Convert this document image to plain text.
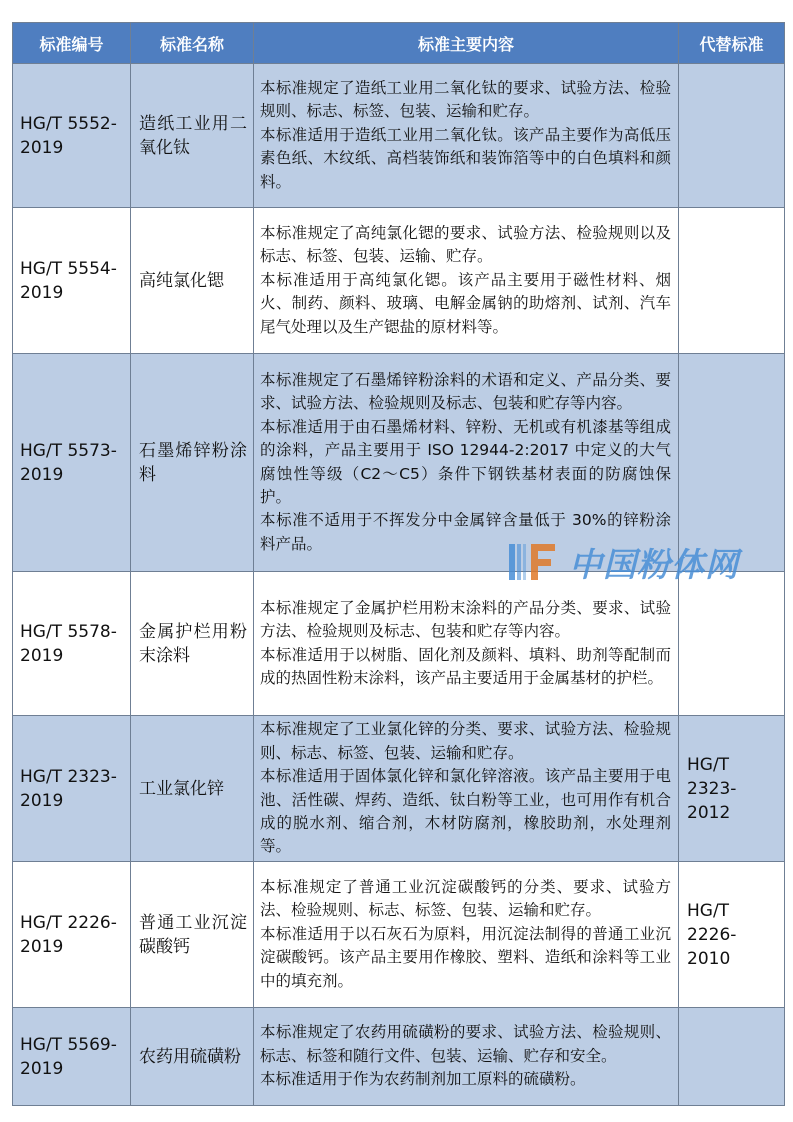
标准编号	标准名称	标准主要内容	代替标准
HG/T 5552-2019	造纸工业用二氧化钛	本标准规定了造纸工业用二氧化钛的要求、试验方法、检验规则、标志、标签、包装、运输和贮存。

本标准适用于造纸工业用二氧化钛。该产品主要作为高低压素色纸、木纹纸、高档装饰纸和装饰箔等中的白色填料和颜料。	

HG/T 5554-2019	高纯氯化锶	本标准规定了高纯氯化锶的要求、试验方法、检验规则以及标志、标签、包装、运输、贮存。

本标准适用于高纯氯化锶。该产品主要用于磁性材料、烟火、制药、颜料、玻璃、电解金属钠的助熔剂、试剂、汽车尾气处理以及生产锶盐的原材料等。	

HG/T 5573-2019	石墨烯锌粉涂料	本标准规定了石墨烯锌粉涂料的术语和定义、产品分类、要求、试验方法、检验规则及标志、包装和贮存等内容。

本标准适用于由石墨烯材料、锌粉、无机或有机漆基等组成的涂料，产品主要用于 ISO 12944-2:2017 中定义的大气腐蚀性等级（C2～C5）条件下钢铁基材表面的防腐蚀保护。

本标准不适用于不挥发分中金属锌含量低于 30%的锌粉涂料产品。	

HG/T 5578-2019	金属护栏用粉末涂料	本标准规定了金属护栏用粉末涂料的产品分类、要求、试验方法、检验规则及标志、包装和贮存等内容。

本标准适用于以树脂、固化剂及颜料、填料、助剂等配制而成的热固性粉末涂料，该产品主要适用于金属基材的护栏。	

HG/T 2323-2019	工业氯化锌	本标准规定了工业氯化锌的分类、要求、试验方法、检验规则、标志、标签、包装、运输和贮存。

本标准适用于固体氯化锌和氯化锌溶液。该产品主要用于电池、活性碳、焊药、造纸、钛白粉等工业，也可用作有机合成的脱水剂、缩合剂，木材防腐剂，橡胶助剂，水处理剂等。	HG/T 2323-2012
HG/T 2226-2019	普通工业沉淀碳酸钙	本标准规定了普通工业沉淀碳酸钙的分类、要求、试验方法、检验规则、标志、标签、包装、运输和贮存。

本标准适用于以石灰石为原料，用沉淀法制得的普通工业沉淀碳酸钙。该产品主要用作橡胶、塑料、造纸和涂料等工业中的填充剂。	HG/T 2226-2010
HG/T 5569-2019	农药用硫磺粉	本标准规定了农药用硫磺粉的要求、试验方法、检验规则、标志、标签和随行文件、包装、运输、贮存和安全。

本标准适用于作为农药制剂加工原料的硫磺粉。	

中国粉体网
